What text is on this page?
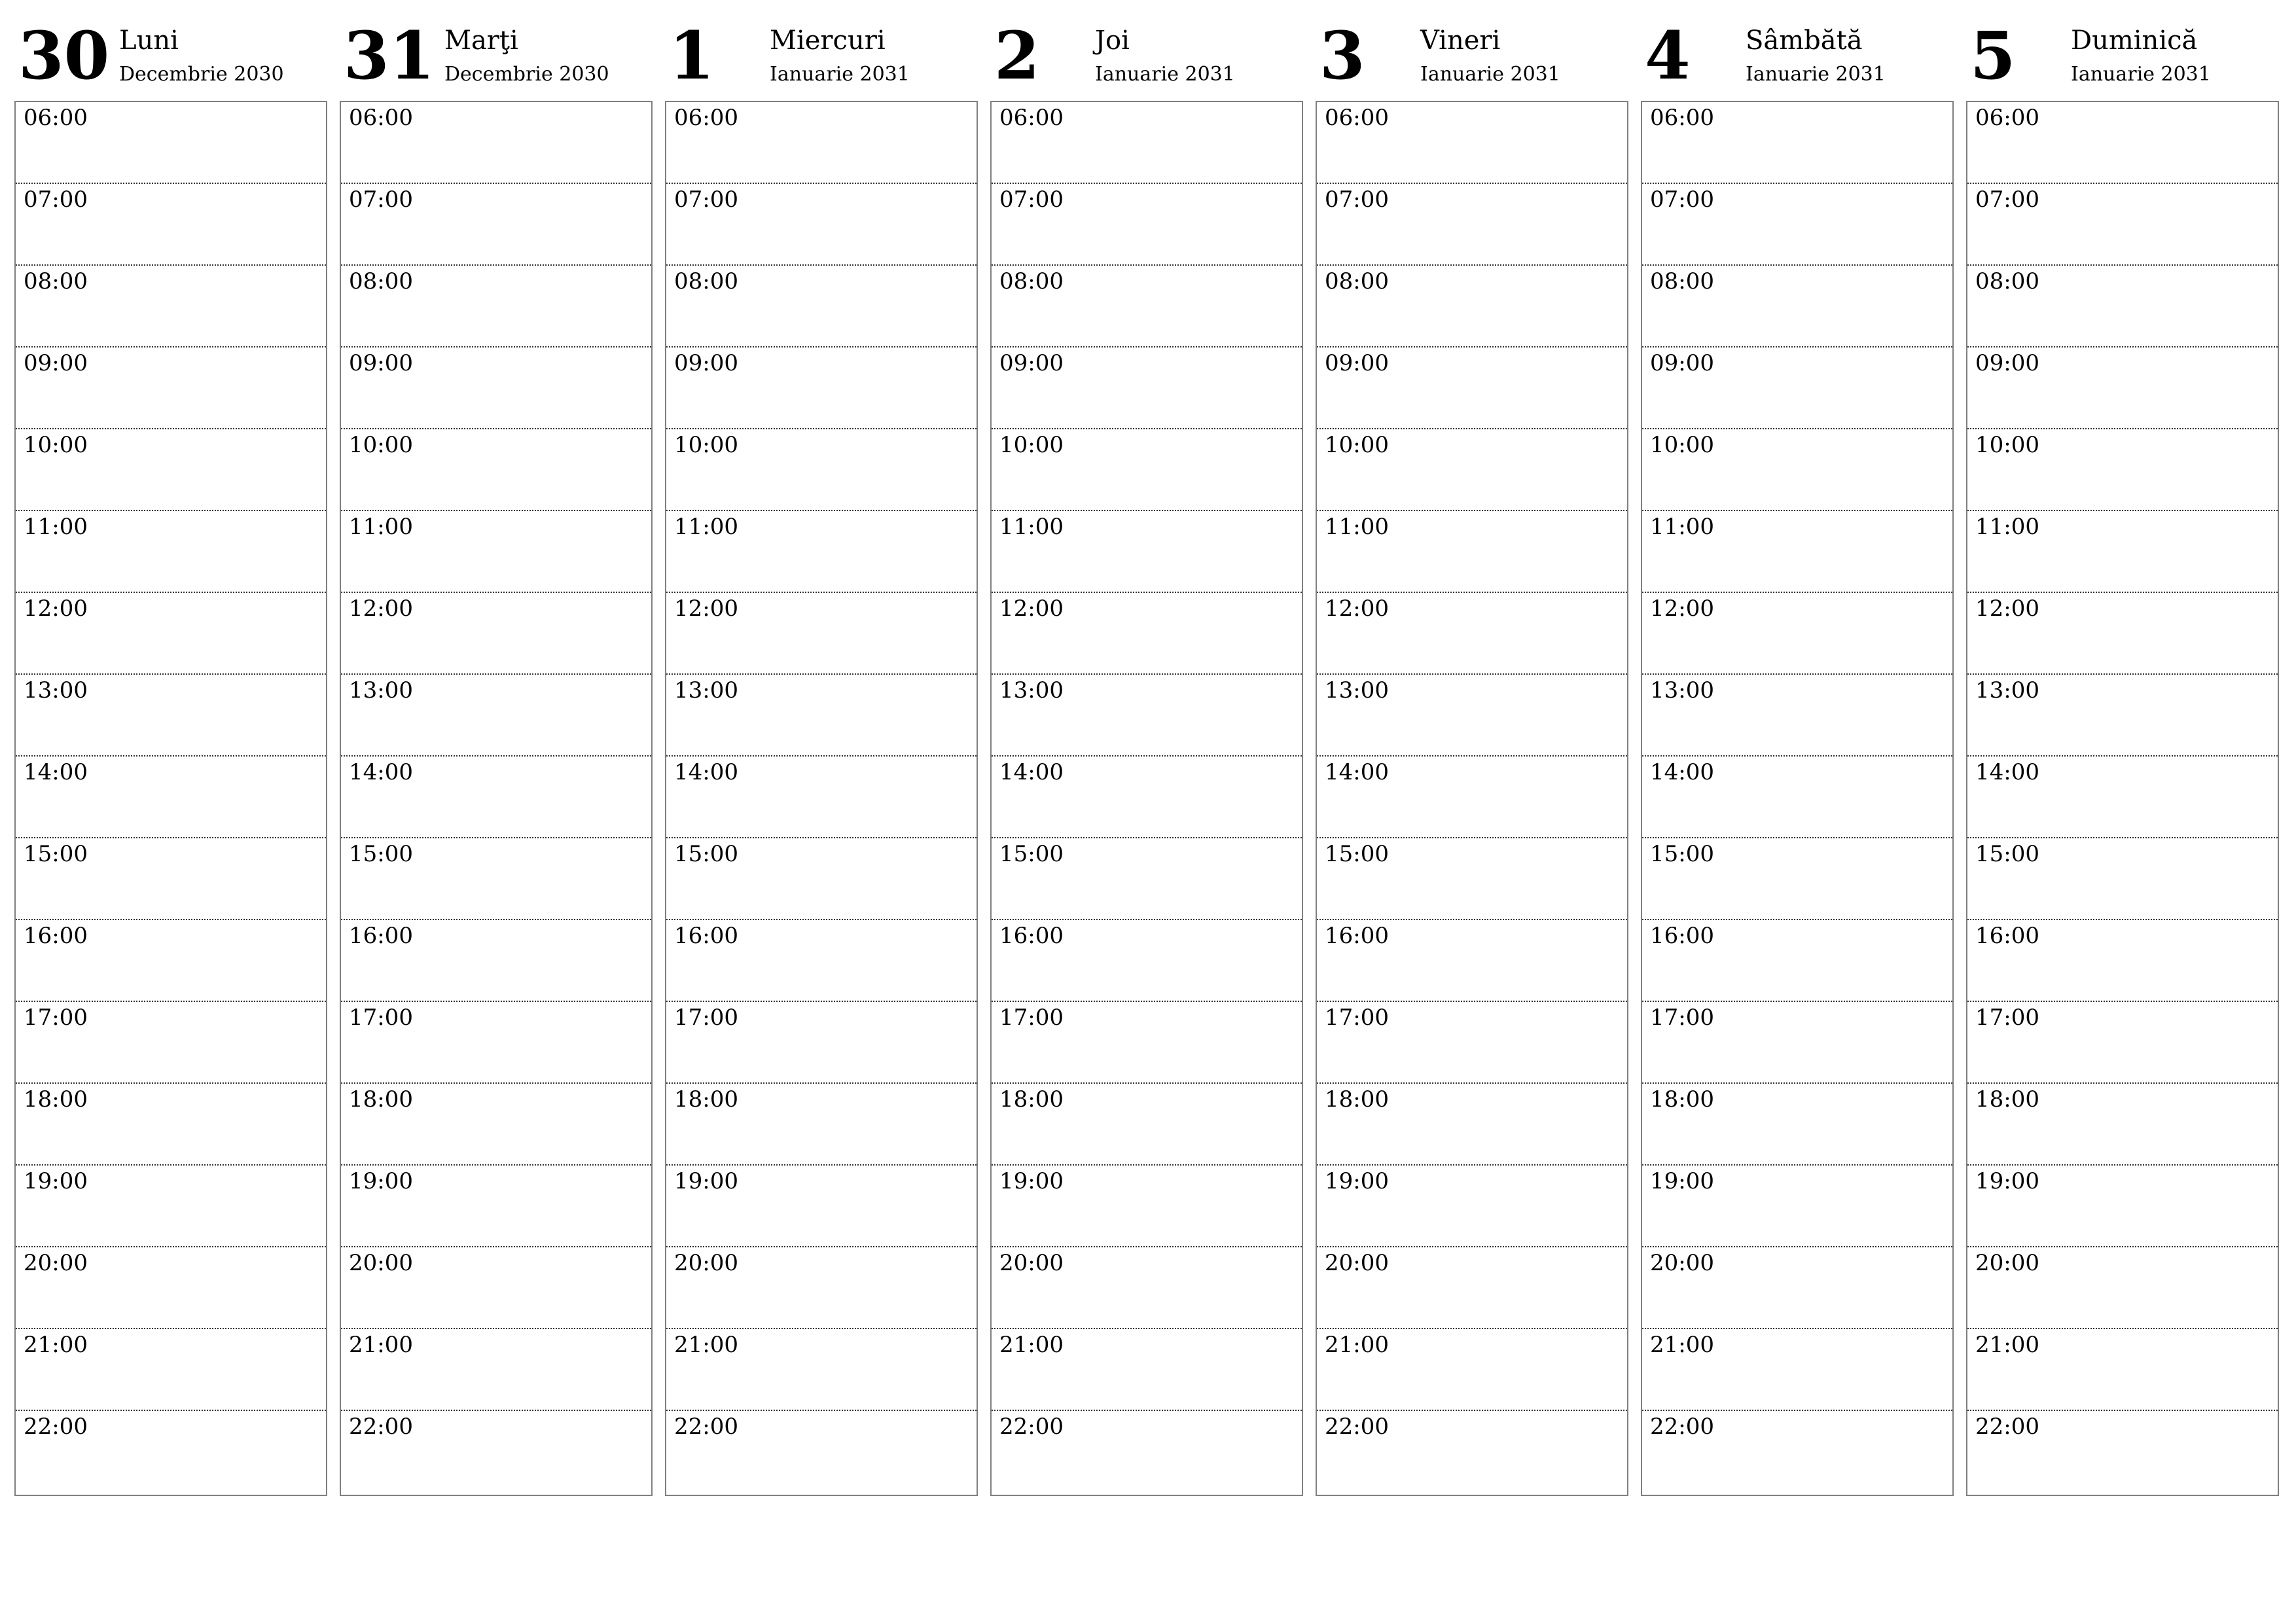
30 Luni
Decembrie 2030
06:00
07:00
08:00
09:00
10:00
11:00
12:00
13:00
14:00
15:00
16:00
17:00
18:00
19:00
20:00
21:00
22:00
31 Marţi
Decembrie 2030
06:00
07:00
08:00
09:00
10:00
11:00
12:00
13:00
14:00
15:00
16:00
17:00
18:00
19:00
20:00
21:00
22:00
1 Miercuri
Ianuarie 2031
06:00
07:00
08:00
09:00
10:00
11:00
12:00
13:00
14:00
15:00
16:00
17:00
18:00
19:00
20:00
21:00
22:00
2 Joi
Ianuarie 2031
06:00
07:00
08:00
09:00
10:00
11:00
12:00
13:00
14:00
15:00
16:00
17:00
18:00
19:00
20:00
21:00
22:00
3 Vineri
Ianuarie 2031
06:00
07:00
08:00
09:00
10:00
11:00
12:00
13:00
14:00
15:00
16:00
17:00
18:00
19:00
20:00
21:00
22:00
4 Sâmbătă
Ianuarie 2031
06:00
07:00
08:00
09:00
10:00
11:00
12:00
13:00
14:00
15:00
16:00
17:00
18:00
19:00
20:00
21:00
22:00
5 Duminică
Ianuarie 2031
06:00
07:00
08:00
09:00
10:00
11:00
12:00
13:00
14:00
15:00
16:00
17:00
18:00
19:00
20:00
21:00
22:00
